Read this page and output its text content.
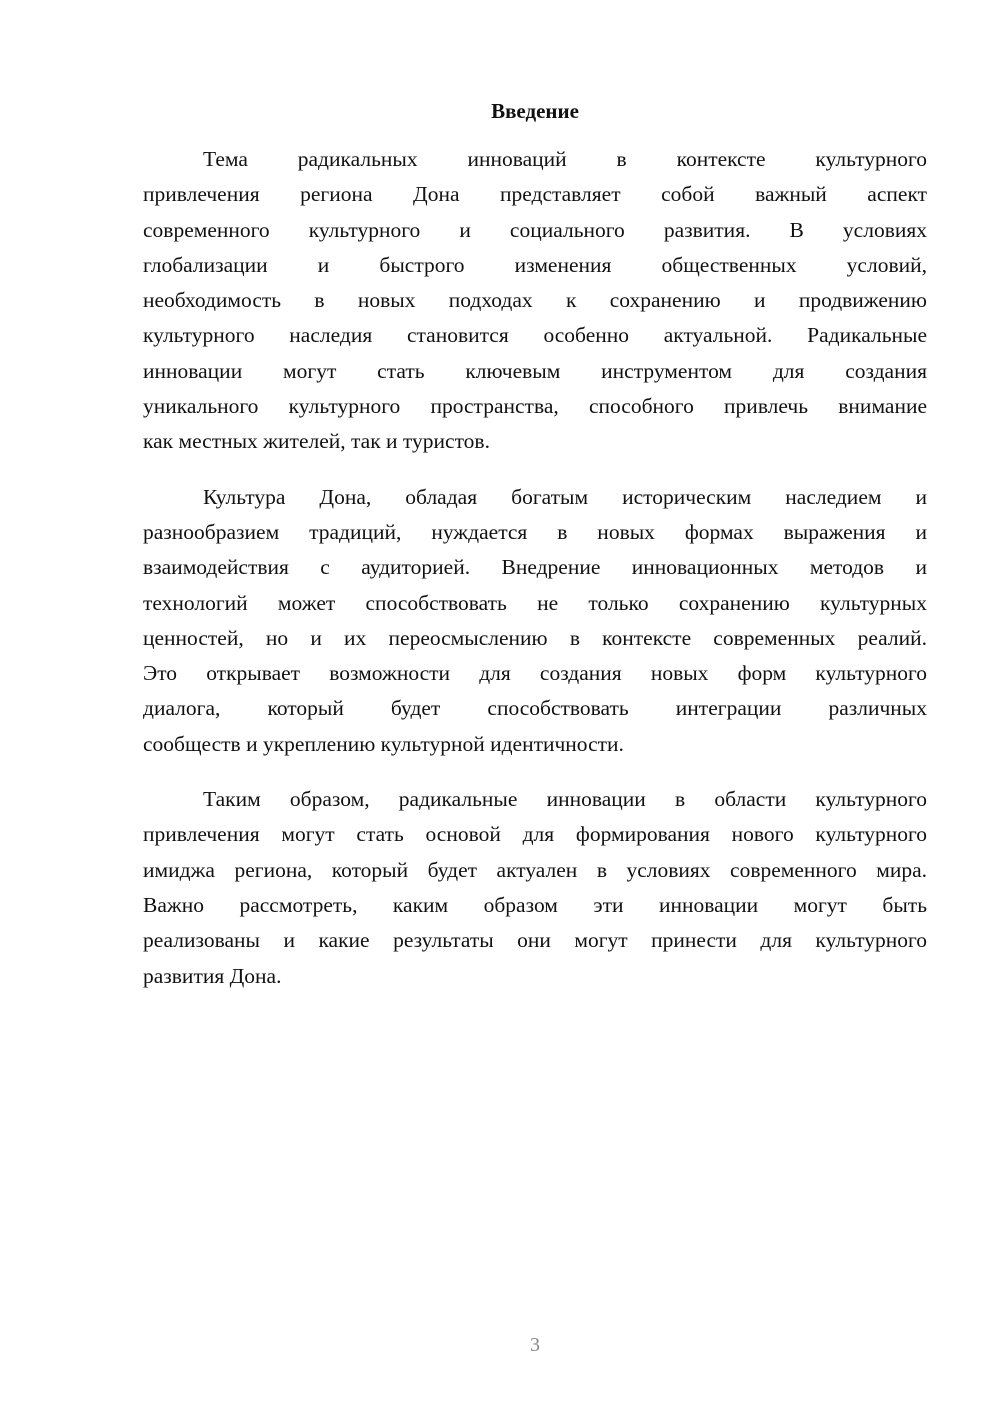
Введение
Тема радикальных инноваций в контексте культурного
привлечения региона Дона представляет собой важный аспект
современного культурного и социального развития. В условиях
глобализации и быстрого изменения общественных условий,
необходимость в новых подходах к сохранению и продвижению
культурного наследия становится особенно актуальной. Радикальные
инновации могут стать ключевым инструментом для создания
уникального культурного пространства, способного привлечь внимание
как местных жителей, так и туристов.
Культура Дона, обладая богатым историческим наследием и
разнообразием традиций, нуждается в новых формах выражения и
взаимодействия с аудиторией. Внедрение инновационных методов и
технологий может способствовать не только сохранению культурных
ценностей, но и их переосмыслению в контексте современных реалий.
Это открывает возможности для создания новых форм культурного
диалога, который будет способствовать интеграции различных
сообществ и укреплению культурной идентичности.
Таким образом, радикальные инновации в области культурного
привлечения могут стать основой для формирования нового культурного
имиджа региона, который будет актуален в условиях современного мира.
Важно рассмотреть, каким образом эти инновации могут быть
реализованы и какие результаты они могут принести для культурного
развития Дона.
3
